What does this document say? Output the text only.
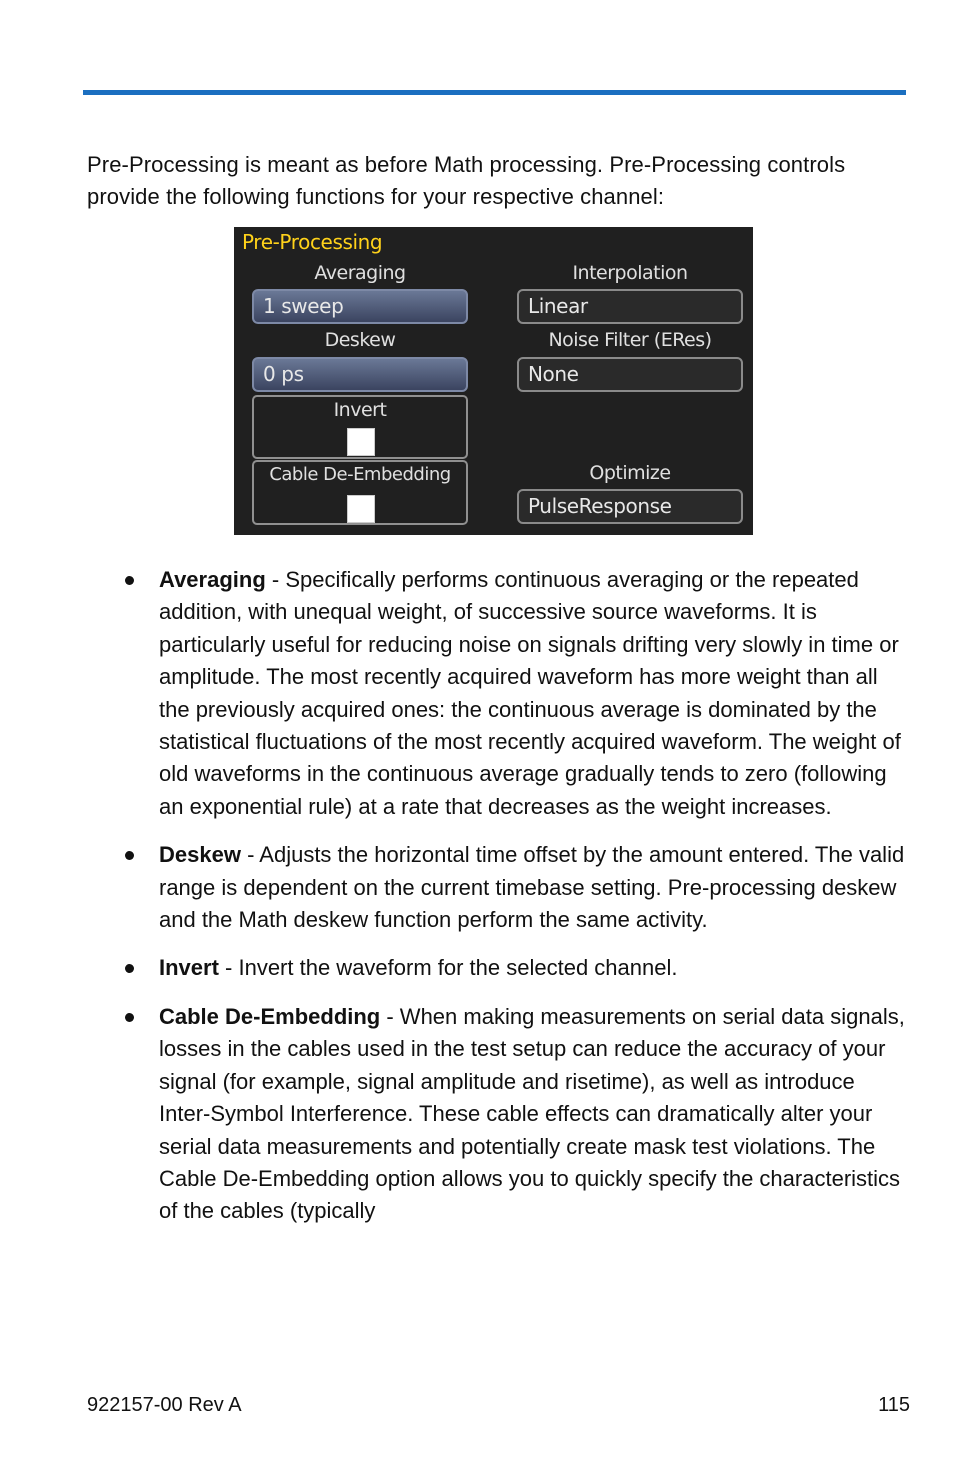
Pre-Processing is meant as before Math processing. Pre-Processing controls provide the following functions for your respective channel:

Pre-Processing
Averaging
1 sweep
Interpolation
Linear
Deskew
0 ps
Noise Filter (ERes)
None
Invert
Cable De-Embedding	Optimize
PulseResponse
Averaging - Specifically performs continuous averaging or the repeated addition, with unequal weight, of successive source waveforms. It is particularly useful for reducing noise on signals drifting very slowly in time or amplitude. The most recently acquired waveform has more weight than all the previously acquired ones: the continuous average is dominated by the statistical fluctuations of the most recently acquired waveform. The weight of old waveforms in the continuous average gradually tends to zero (following an exponential rule) at a rate that decreases as the weight increases.
Deskew - Adjusts the horizontal time offset by the amount entered. The valid range is dependent on the current timebase setting. Pre-processing deskew and the Math deskew function perform the same activity.
Invert - Invert the waveform for the selected channel.
Cable De-Embedding - When making measurements on serial data signals, losses in the cables used in the test setup can reduce the accuracy of your signal (for example, signal amplitude and risetime), as well as introduce Inter-Symbol Interference. These cable effects can dramatically alter your serial data measurements and potentially create mask test violations. The Cable De-Embedding option allows you to quickly specify the characteristics of the cables (typically
922157-00 Rev A	115
